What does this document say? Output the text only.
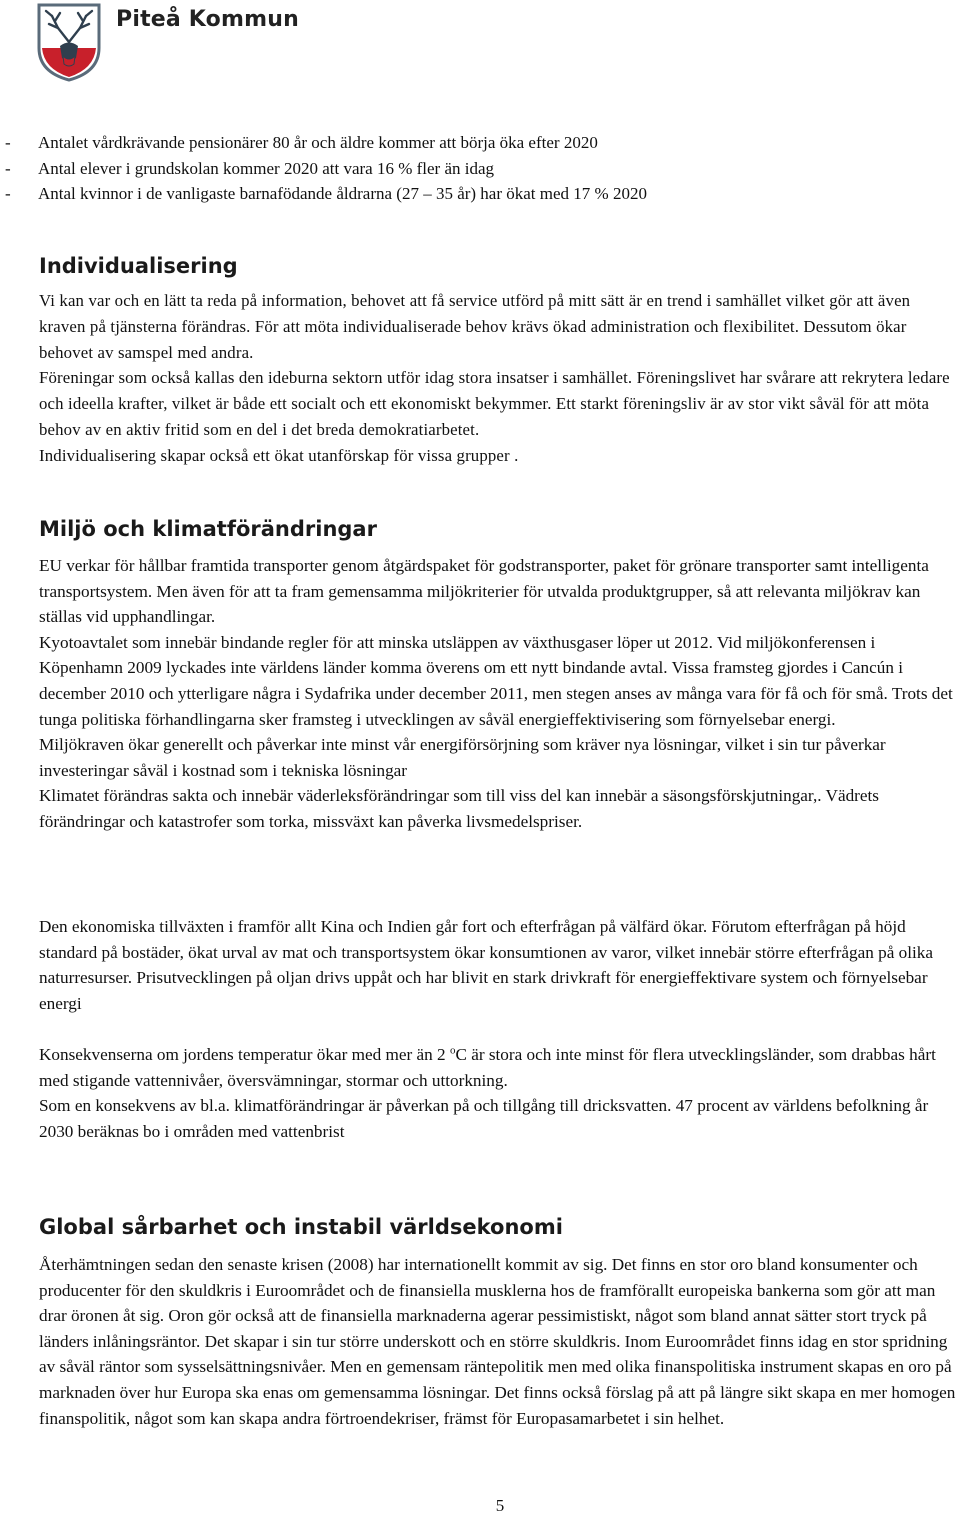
Piteå Kommun
-	Antalet vårdkrävande pensionärer 80 år och äldre kommer att börja öka efter 2020
-	Antal elever i grundskolan kommer 2020 att vara 16 % fler än idag
-	Antal kvinnor i de vanligaste barnafödande åldrarna (27 – 35 år) har ökat med 17 % 2020
Individualisering

Vi kan var och en lätt ta reda på information, behovet att få service utförd på mitt sätt är en trend i samhället vilket gör att även kraven på tjänsterna förändras. För att möta individualiserade behov krävs ökad administration och flexibilitet. Dessutom ökar behovet av samspel med andra.

Föreningar som också kallas den ideburna sektorn utför idag stora insatser i samhället. Föreningslivet har svårare att rekrytera ledare och ideella krafter, vilket är både ett socialt och ett ekonomiskt bekymmer. Ett starkt föreningsliv är av stor vikt såväl för att möta behov av en aktiv fritid som en del i det breda demokratiarbetet.

Individualisering skapar också ett ökat utanförskap för vissa grupper .

Miljö och klimatförändringar

EU verkar för hållbar framtida transporter genom åtgärdspaket för godstransporter, paket för grönare transporter samt intelligenta transportsystem. Men även för att ta fram gemensamma miljökriterier för utvalda produktgrupper, så att relevanta miljökrav kan ställas vid upphandlingar.

Kyotoavtalet som innebär bindande regler för att minska utsläppen av växthusgaser löper ut 2012. Vid miljökonferensen i Köpenhamn 2009 lyckades inte världens länder komma överens om ett nytt bindande avtal. Vissa framsteg gjordes i Cancún i december 2010 och ytterligare några i Sydafrika under december 2011, men stegen anses av många vara för få och för små. Trots det tunga politiska förhandlingarna sker framsteg i utvecklingen av såväl energieffektivisering som förnyelsebar energi.

Miljökraven ökar generellt och påverkar inte minst vår energiförsörjning som kräver nya lösningar, vilket i sin tur påverkar investeringar såväl i kostnad som i tekniska lösningar

Klimatet förändras sakta och innebär väderleksförändringar som till viss del kan innebär a säsongsförskjutningar,. Vädrets förändringar och katastrofer som torka, missväxt kan påverka livsmedelspriser.

Den ekonomiska tillväxten i framför allt Kina och Indien går fort och efterfrågan på välfärd ökar. Förutom efterfrågan på höjd standard på bostäder, ökat urval av mat och transportsystem ökar konsumtionen av varor, vilket innebär större efterfrågan på olika naturresurser. Prisutvecklingen på oljan drivs uppåt och har blivit en stark drivkraft för energieffektivare system och förnyelsebar energi

Konsekvenserna om jordens temperatur ökar med mer än 2 $^o$C är stora och inte minst för flera utvecklingsländer, som drabbas hårt med stigande vattennivåer, översvämningar, stormar och uttorkning.

Som en konsekvens av bl.a. klimatförändringar är påverkan på och tillgång till dricksvatten. 47 procent av världens befolkning år 2030 beräknas bo i områden med vattenbrist

Global sårbarhet och instabil världsekonomi

Återhämtningen sedan den senaste krisen (2008) har internationellt kommit av sig. Det finns en stor oro bland konsumenter och producenter för den skuldkris i Euroområdet och de finansiella musklerna hos de framförallt europeiska bankerna som gör att man drar öronen åt sig. Oron gör också att de finansiella marknaderna agerar pessimistiskt, något som bland annat sätter stort tryck på länders inlåningsräntor. Det skapar i sin tur större underskott och en större skuldkris. Inom Euroområdet finns idag en stor spridning av såväl räntor som sysselsättningsnivåer. Men en gemensam räntepolitik men med olika finanspolitiska instrument skapas en oro på marknaden över hur Europa ska enas om gemensamma lösningar. Det finns också förslag på att på längre sikt skapa en mer homogen finanspolitik, något som kan skapa andra förtroendekriser, främst för Europasamarbetet i sin helhet.

5
